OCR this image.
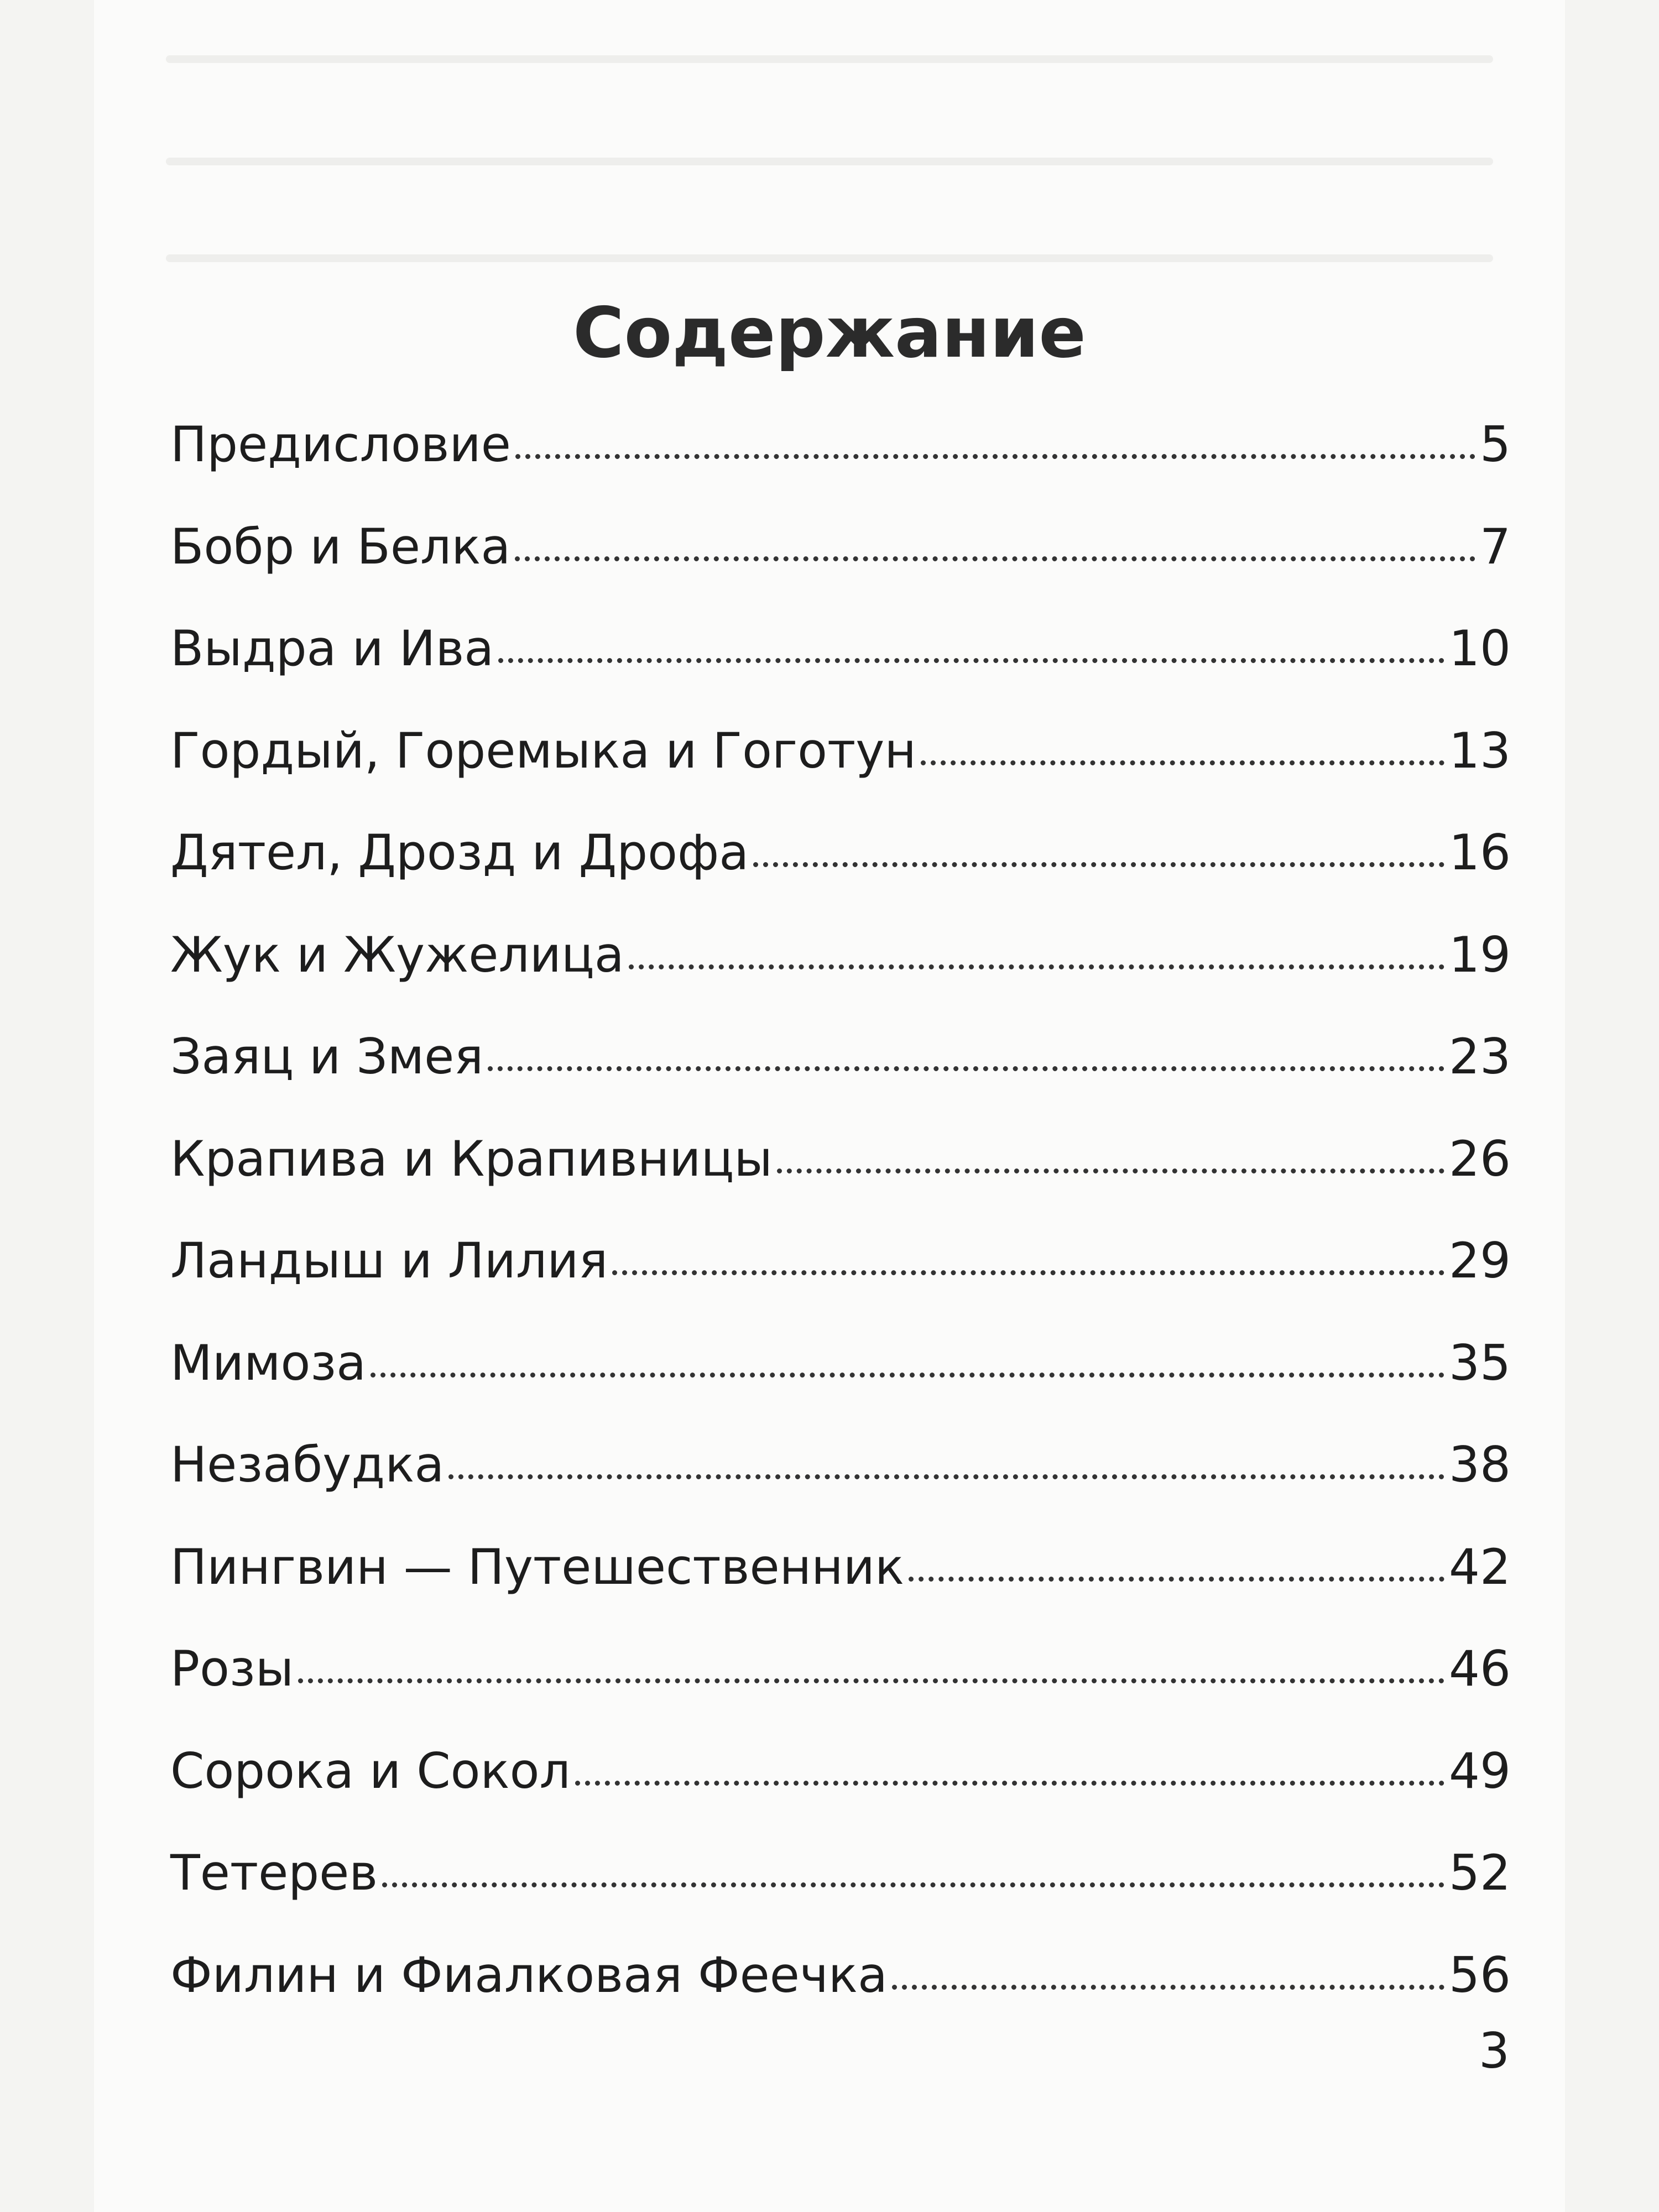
Содержание
Предисловие	5
Бобр и Белка	7
Выдра и Ива	10
Гордый, Горемыка и Гоготун	13
Дятел, Дрозд и Дрофа	16
Жук и Жужелица	19
Заяц и Змея	23
Крапива и Крапивницы	26
Ландыш и Лилия	29
Мимоза	35
Незабудка	38
Пингвин — Путешественник	42
Розы	46
Сорока и Сокол	49
Тетерев	52
Филин и Фиалковая Феечка	56
3
